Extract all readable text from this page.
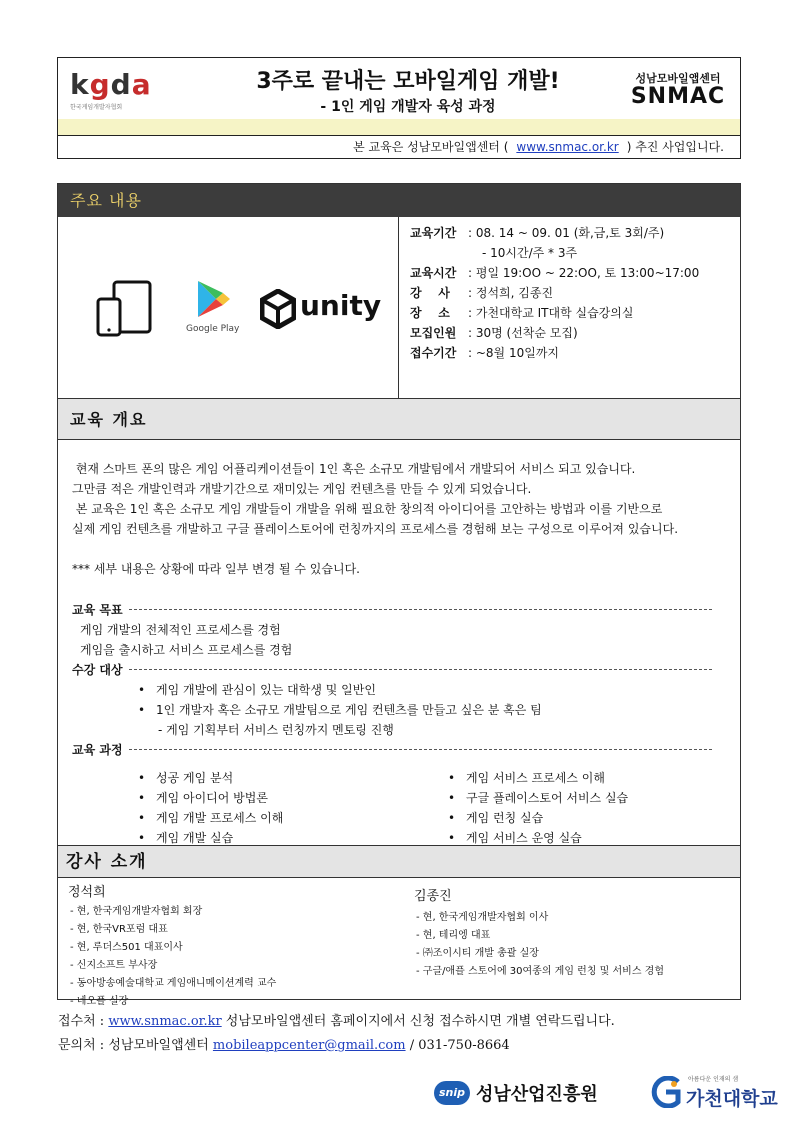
kgda
한국게임개발자협회
3주로 끝내는 모바일게임 개발!
- 1인 게임 개발자 육성 과정
성남모바일앱센터
SNMAC
본 교육은 성남모바일앱센터 ( www.snmac.or.kr ) 추진 사업입니다.
주요 내용
Google Play
unity
교육기간 : 08. 14 ~ 09. 01 (화,금,토 3회/주)
- 10시간/주 * 3주
교육시간 : 평일 19:OO ~ 22:OO, 토 13:00~17:00
강    사 : 정석희, 김종진
장    소 : 가천대학교 IT대학 실습강의실
모집인원 : 30명 (선착순 모집)
접수기간 : ~8월 10일까지
교육 개요
현재 스마트 폰의 많은 게임 어플리케이션들이 1인 혹은 소규모 개발팀에서 개발되어 서비스 되고 있습니다.
그만큼 적은 개발인력과 개발기간으로 재미있는 게임 컨텐츠를 만들 수 있게 되었습니다.
본 교육은 1인 혹은 소규모 게임 개발들이 개발을 위해 필요한 창의적 아이디어를 고안하는 방법과 이를 기반으로
실제 게임 컨텐츠를 개발하고 구글 플레이스토어에 런칭까지의 프로세스를 경험해 보는 구성으로 이루어져 있습니다.
*** 세부 내용은 상황에 따라 일부 변경 될 수 있습니다.
교육 목표
게임 개발의 전체적인 프로세스를 경험
게임을 출시하고 서비스 프로세스를 경험
수강 대상
• 게임 개발에 관심이 있는 대학생 및 일반인
• 1인 개발자 혹은 소규모 개발팀으로 게임 컨텐츠를 만들고 싶은 분 혹은 팀
- 게임 기획부터 서비스 런칭까지 멘토링 진행
교육 과정
• 성공 게임 분석
• 게임 아이디어 방법론
• 게임 개발 프로세스 이해
• 게임 개발 실습
• 게임 서비스 프로세스 이해
• 구글 플레이스토어 서비스 실습
• 게임 런칭 실습
• 게임 서비스 운영 실습
강사 소개
정석희
- 현, 한국게임개발자협회 회장
- 현, 한국VR포럼 대표
- 현, 루더스501 대표이사
- 신지소프트 부사장
- 동아방송예술대학교 게임애니메이션계력 교수
- 네오플 실장
김종진
- 현, 한국게임개발자협회 이사
- 현, 테리엥 대표
- ㈜조이시티 개발 총괄 실장
- 구글/애플 스토어에 30여종의 게임 런칭 및 서비스 경험
접수처 : www.snmac.or.kr 성남모바일앱센터 홈페이지에서 신청 접수하시면 개별 연락드립니다.
문의처 : 성남모바일앱센터 mobileappcenter@gmail.com / 031-750-8664
snip 성남산업진흥원
아름다운 인재의 샘
가천대학교
